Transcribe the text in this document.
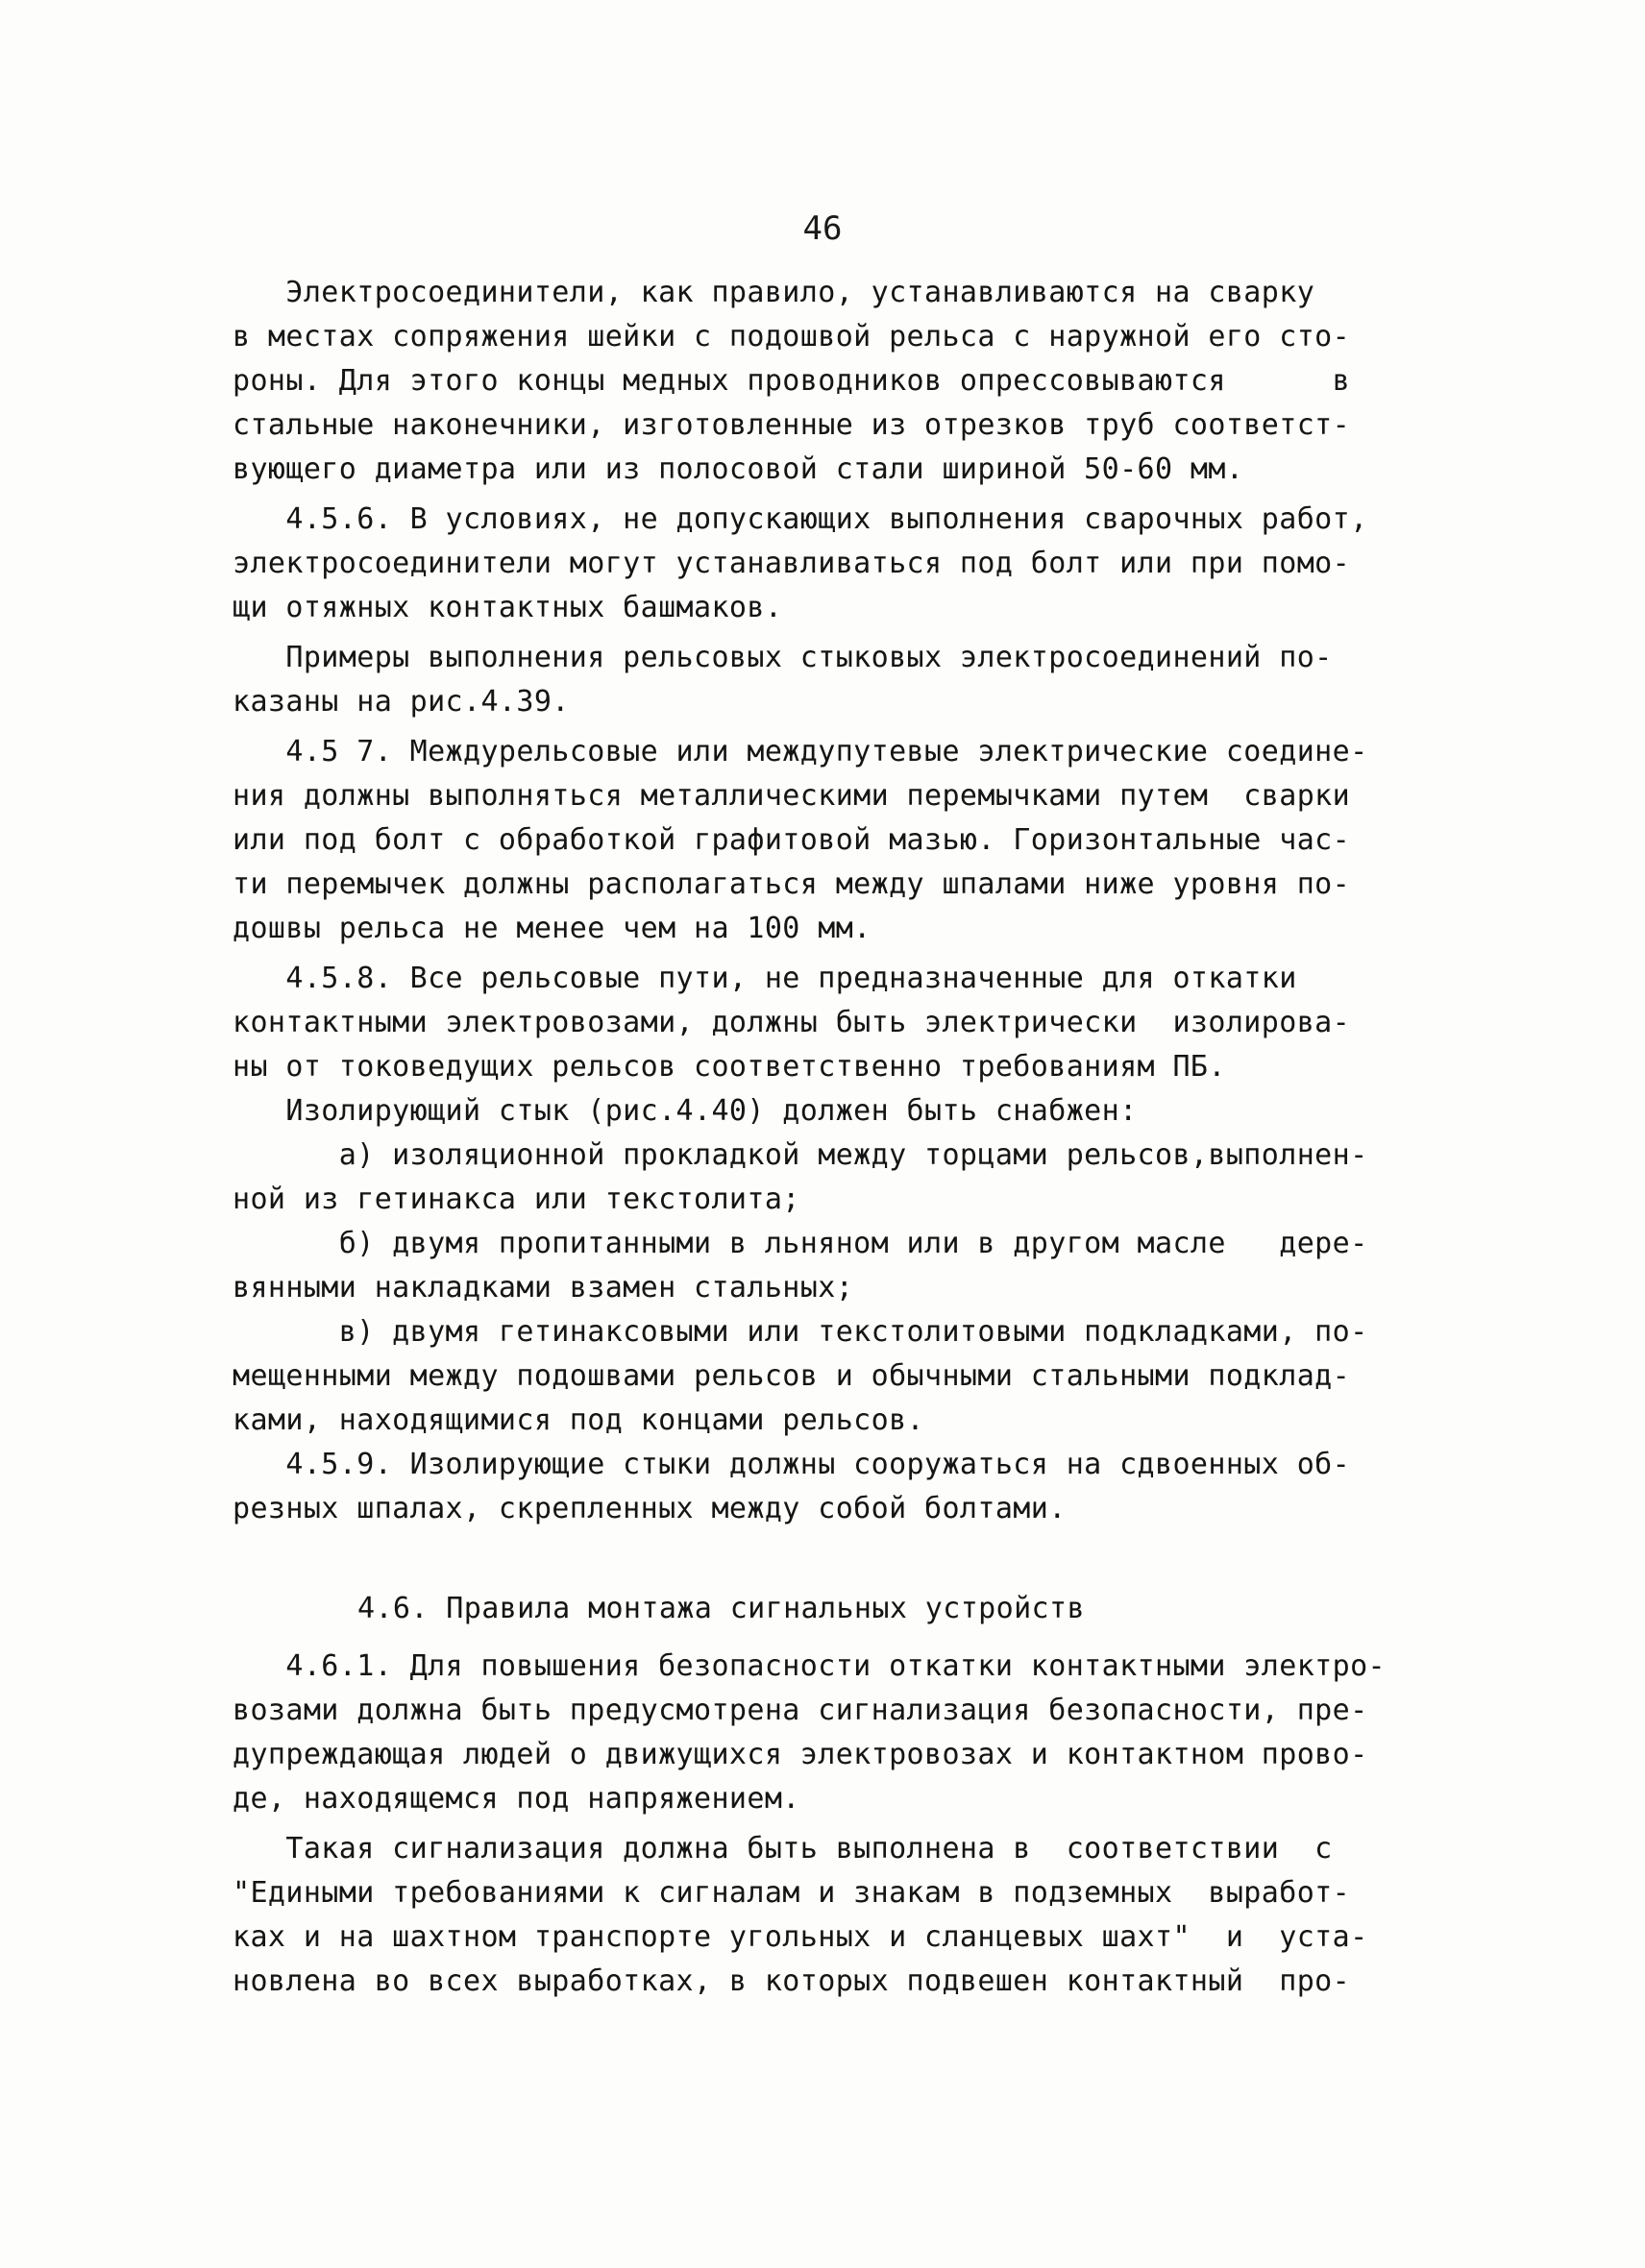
46
Электросоединители, как правило, устанавливаются на сварку
в местах сопряжения шейки с подошвой рельса с наружной его сто-
роны. Для этого концы медных проводников опрессовываются      в
стальные наконечники, изготовленные из отрезков труб соответст-
вующего диаметра или из полосовой стали шириной 50-60 мм.
4.5.6. В условиях, не допускающих выполнения сварочных работ,
электросоединители могут устанавливаться под болт или при помо-
щи отяжных контактных башмаков.
Примеры выполнения рельсовых стыковых электросоединений по-
казаны на рис.4.39.
4.5 7. Междурельсовые или междупутевые электрические соедине-
ния должны выполняться металлическими перемычками путем  сварки
или под болт с обработкой графитовой мазью. Горизонтальные час-
ти перемычек должны располагаться между шпалами ниже уровня по-
дошвы рельса не менее чем на 100 мм.
4.5.8. Все рельсовые пути, не предназначенные для откатки
контактными электровозами, должны быть электрически  изолирова-
ны от токоведущих рельсов соответственно требованиям ПБ.
Изолирующий стык (рис.4.40) должен быть снабжен:
а) изоляционной прокладкой между торцами рельсов,выполнен-
ной из гетинакса или текстолита;
б) двумя пропитанными в льняном или в другом масле   дере-
вянными накладками взамен стальных;
в) двумя гетинаксовыми или текстолитовыми подкладками, по-
мещенными между подошвами рельсов и обычными стальными подклад-
ками, находящимися под концами рельсов.
4.5.9. Изолирующие стыки должны сооружаться на сдвоенных об-
резных шпалах, скрепленных между собой болтами.
4.6. Правила монтажа сигнальных устройств
4.6.1. Для повышения безопасности откатки контактными электро-
возами должна быть предусмотрена сигнализация безопасности, пре-
дупреждающая людей о движущихся электровозах и контактном прово-
де, находящемся под напряжением.
Такая сигнализация должна быть выполнена в  соответствии  с
"Едиными требованиями к сигналам и знакам в подземных  выработ-
ках и на шахтном транспорте угольных и сланцевых шахт"  и  уста-
новлена во всех выработках, в которых подвешен контактный  про-
